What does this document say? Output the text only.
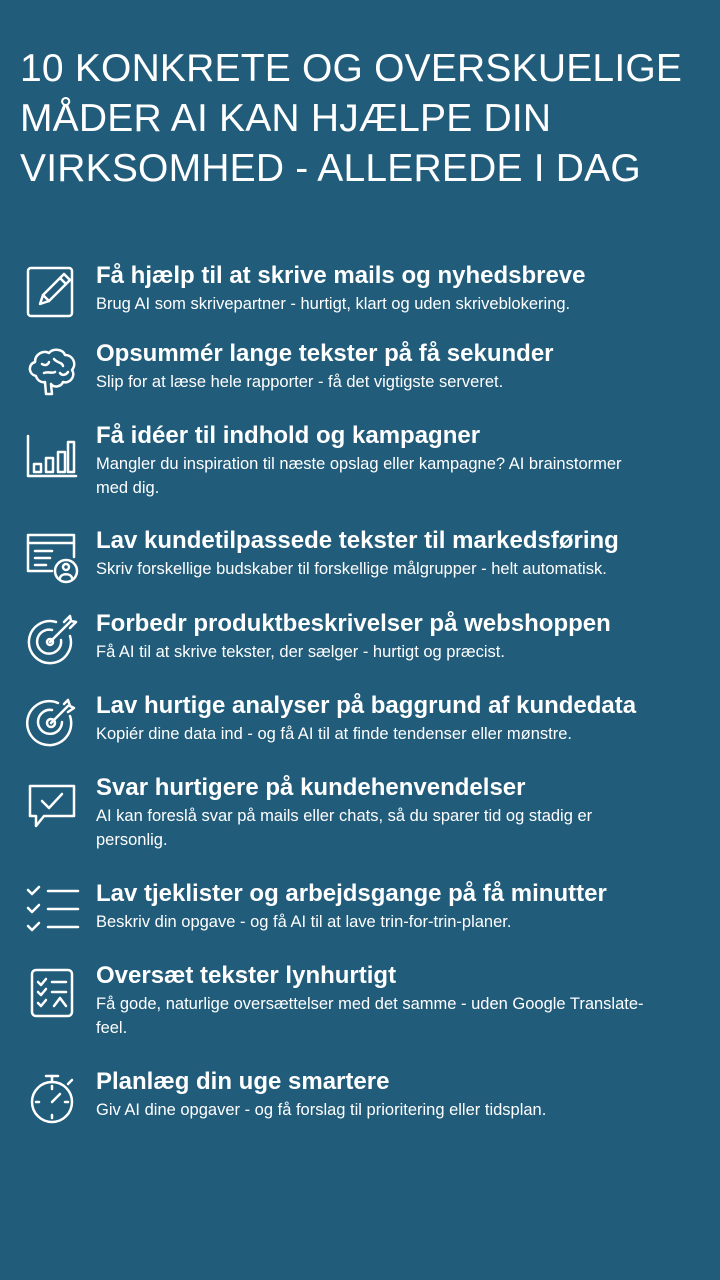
10 KONKRETE OG OVERSKUELIGE MÅDER AI KAN HJÆLPE DIN VIRKSOMHED - ALLEREDE I DAG
Få hjælp til at skrive mails og nyhedsbreve

Brug AI som skrivepartner - hurtigt, klart og uden skriveblokering.

Opsummér lange tekster på få sekunder

Slip for at læse hele rapporter - få det vigtigste serveret.

Få idéer til indhold og kampagner

Mangler du inspiration til næste opslag eller kampagne? AI brainstormer med dig.

Lav kundetilpassede tekster til markedsføring

Skriv forskellige budskaber til forskellige målgrupper - helt automatisk.

Forbedr produktbeskrivelser på webshoppen

Få AI til at skrive tekster, der sælger - hurtigt og præcist.

Lav hurtige analyser på baggrund af kundedata

Kopiér dine data ind - og få AI til at finde tendenser eller mønstre.

Svar hurtigere på kundehenvendelser

AI kan foreslå svar på mails eller chats, så du sparer tid og stadig er personlig.

Lav tjeklister og arbejdsgange på få minutter

Beskriv din opgave - og få AI til at lave trin-for-trin-planer.

Oversæt tekster lynhurtigt

Få gode, naturlige oversættelser med det samme - uden Google Translate-feel.

Planlæg din uge smartere

Giv AI dine opgaver - og få forslag til prioritering eller tidsplan.
